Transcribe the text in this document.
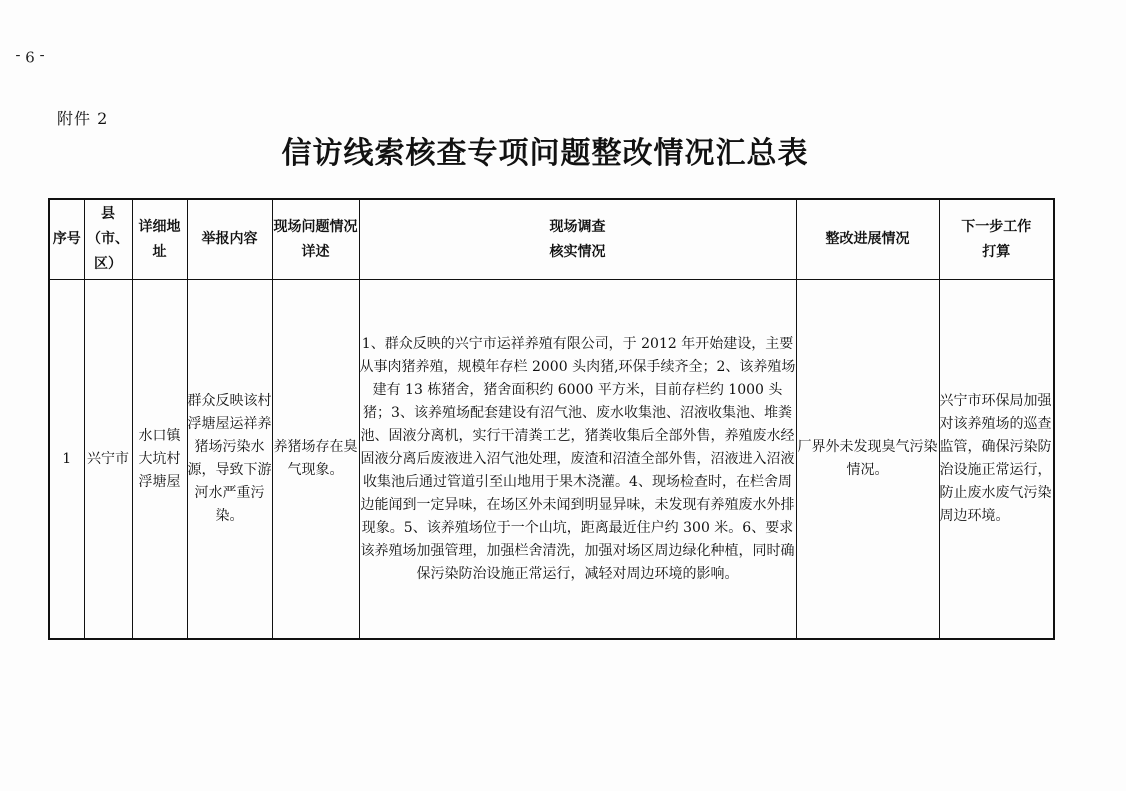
- 9 -
附件 2
信访线索核查专项问题整改情况汇总表
序号	县（市、区）	详细地址	举报内容	现场问题情况详述	现场调查核实情况	整改进展情况	下一步工作打算

1	兴宁市	水口镇大坑村浮塘屋	群众反映该村浮塘屋运祥养猪场污染水源，导致下游河水严重污染。	养猪场存在臭气现象。	1、群众反映的兴宁市运祥养殖有限公司，于 2012 年开始建设，主要从事肉猪养殖，规模年存栏 2000 头肉猪,环保手续齐全；2、该养殖场建有 13 栋猪舍，猪舍面积约 6000 平方米，目前存栏约 1000 头猪；3、该养殖场配套建设有沼气池、废水收集池、沼液收集池、堆粪池、固液分离机，实行干清粪工艺，猪粪收集后全部外售，养殖废水经固液分离后废液进入沼气池处理，废渣和沼渣全部外售，沼液进入沼液收集池后通过管道引至山地用于果木浇灌。4、现场检查时，在栏舍周边能闻到一定异味，在场区外未闻到明显异味，未发现有养殖废水外排现象。5、该养殖场位于一个山坑，距离最近住户约 300 米。6、要求该养殖场加强管理，加强栏舍清洗，加强对场区周边绿化种植，同时确保污染防治设施正常运行，减轻对周边环境的影响。	厂界外未发现臭气污染情况。	兴宁市环保局加强对该养殖场的巡查监管，确保污染防治设施正常运行，防止废水废气污染周边环境。
